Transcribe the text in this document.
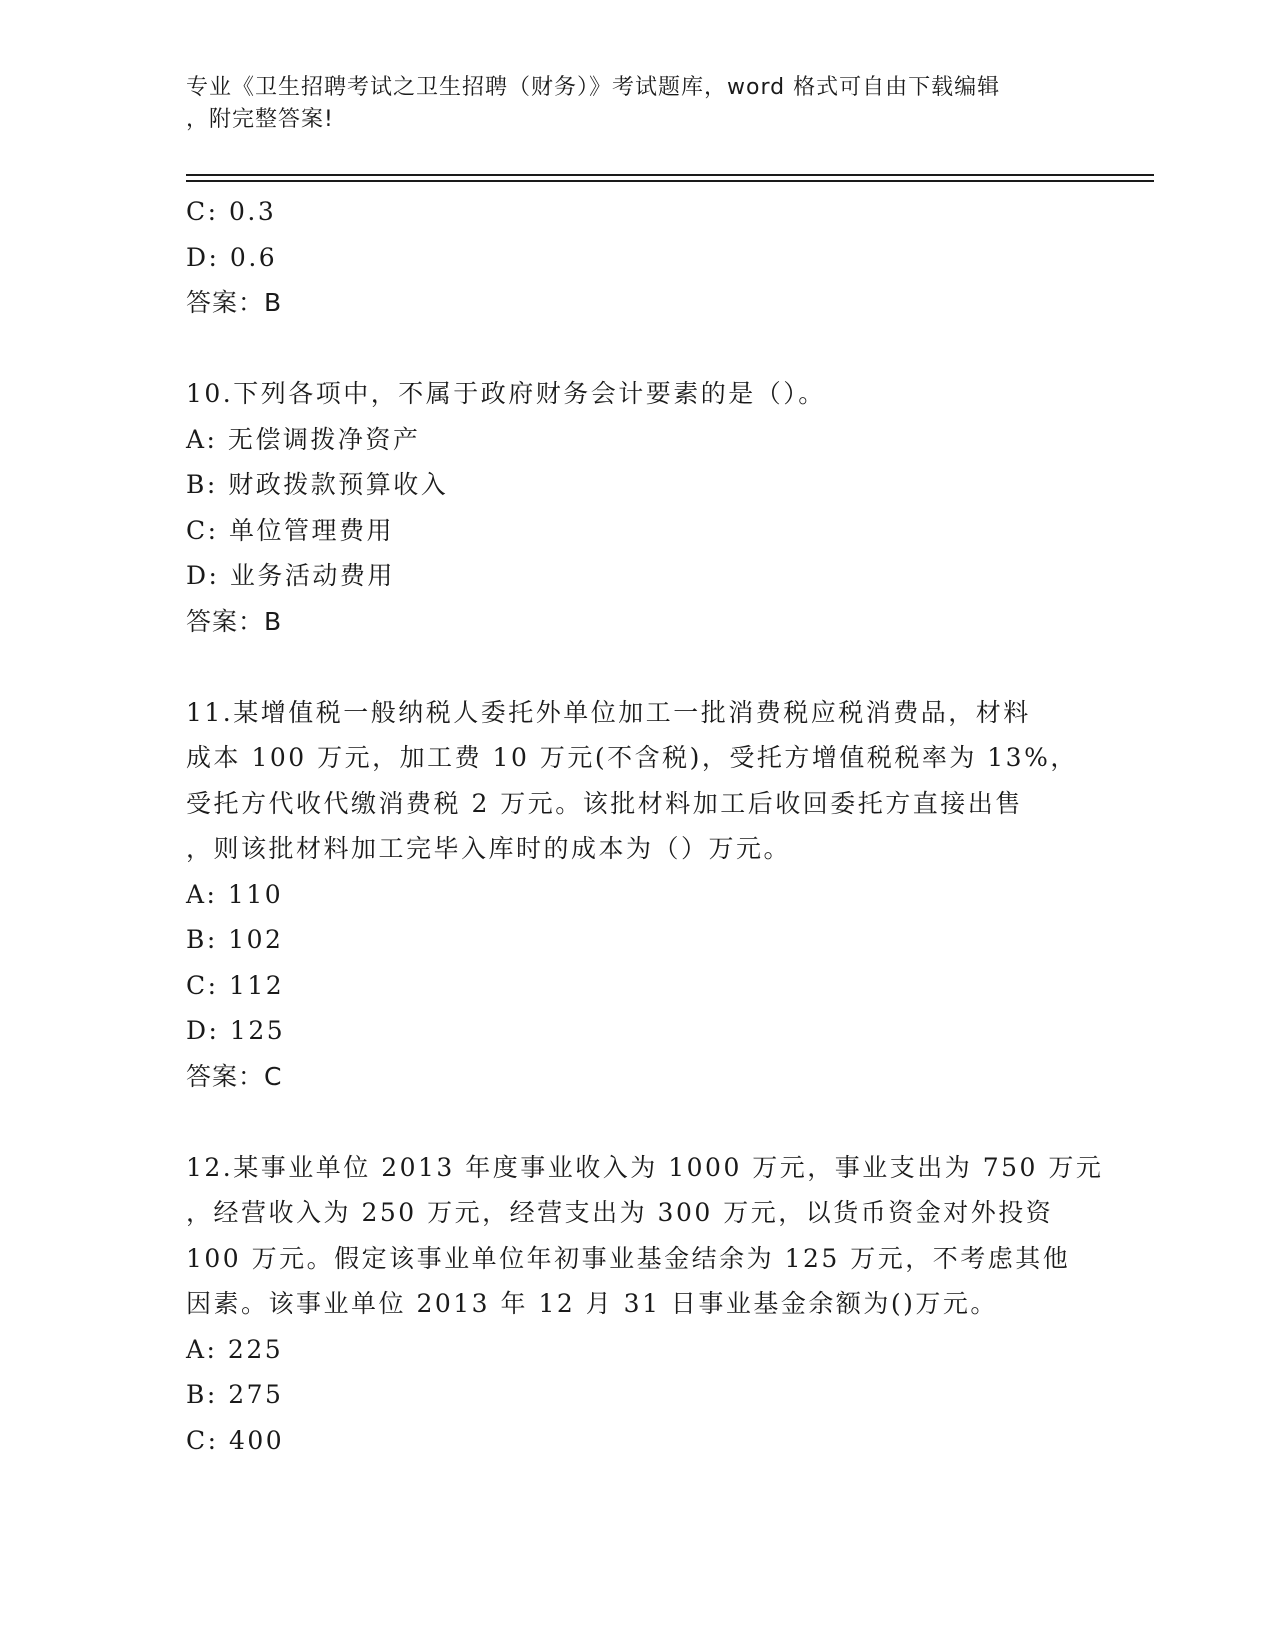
专业《卫生招聘考试之卫生招聘（财务）》考试题库，word 格式可自由下载编辑
，附完整答案!
C: 0.3
D: 0.6
答案：B
10.下列各项中，不属于政府财务会计要素的是（）。
A: 无偿调拨净资产
B: 财政拨款预算收入
C: 单位管理费用
D: 业务活动费用
答案：B
11.某增值税一般纳税人委托外单位加工一批消费税应税消费品，材料
成本 100 万元，加工费 10 万元(不含税)，受托方增值税税率为 13%，
受托方代收代缴消费税 2 万元。该批材料加工后收回委托方直接出售
，则该批材料加工完毕入库时的成本为（）万元。
A: 110
B: 102
C: 112
D: 125
答案：C
12.某事业单位 2013 年度事业收入为 1000 万元，事业支出为 750 万元
，经营收入为 250 万元，经营支出为 300 万元，以货币资金对外投资
100 万元。假定该事业单位年初事业基金结余为 125 万元，不考虑其他
因素。该事业单位 2013 年 12 月 31 日事业基金余额为()万元。
A: 225
B: 275
C: 400
